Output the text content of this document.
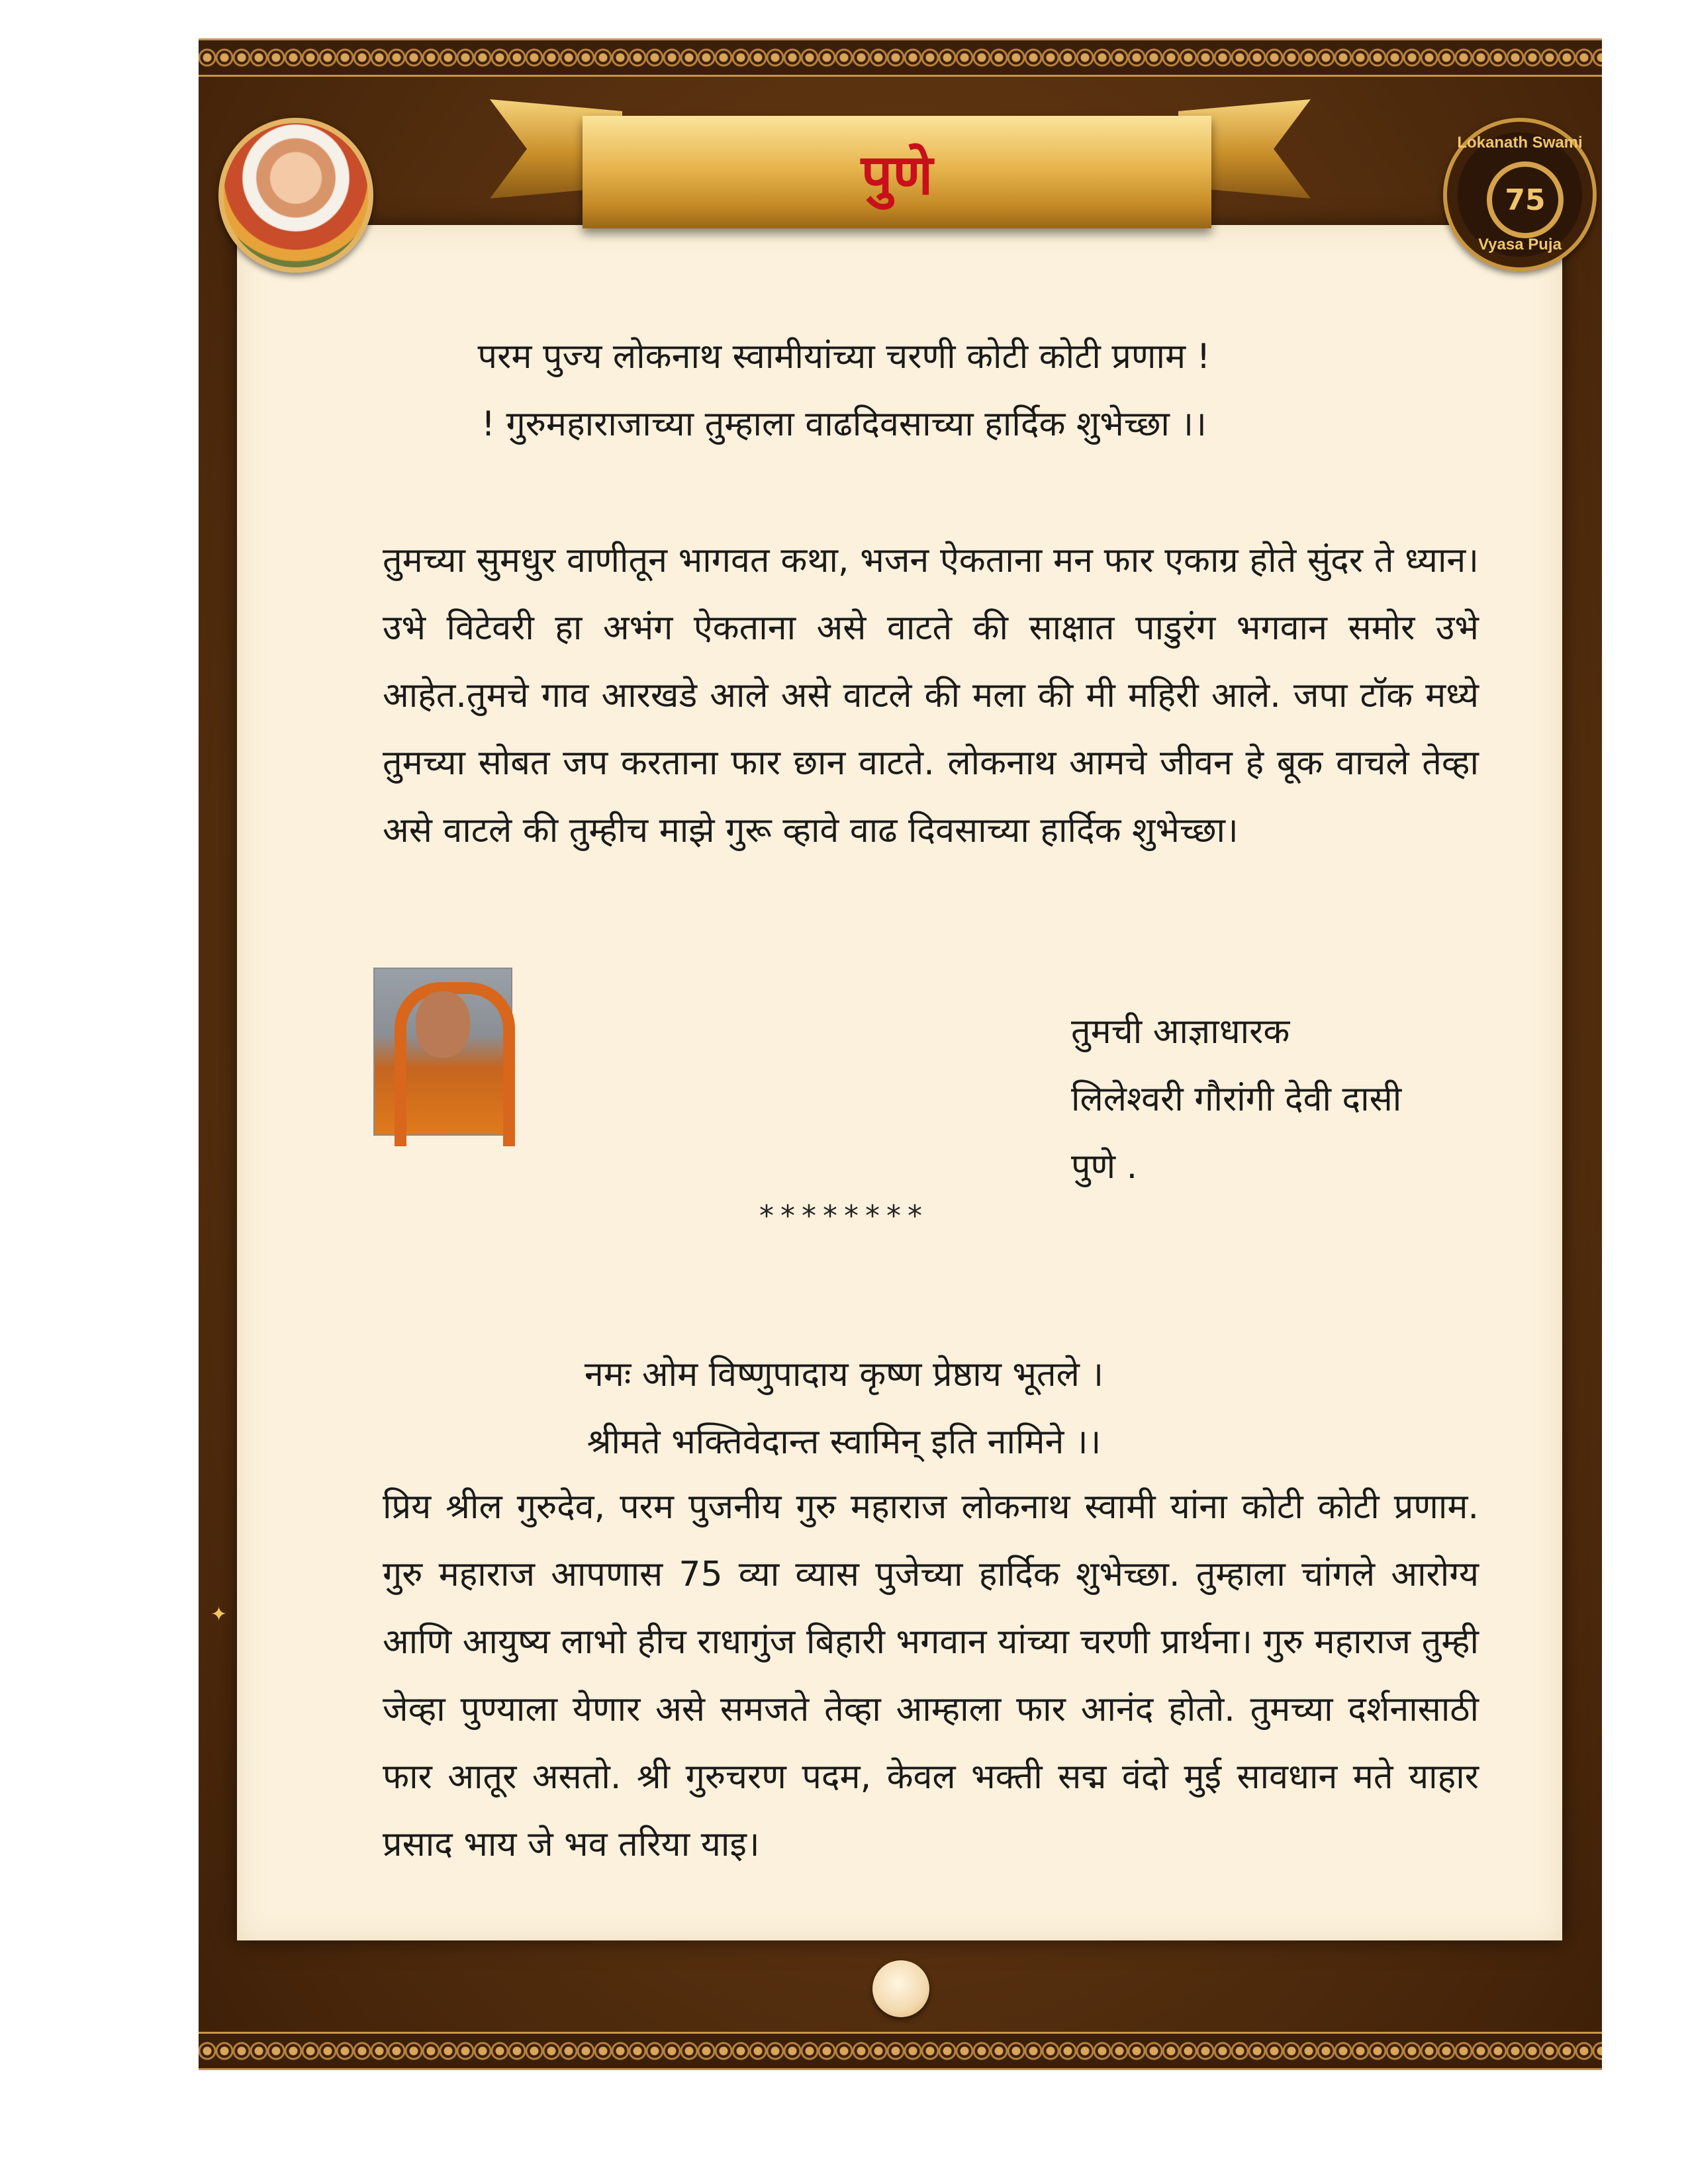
पुणे	Lokanath Swami
75
Vyasa Puja
परम पुज्य लोकनाथ स्वामीयांच्या चरणी कोटी कोटी प्रणाम !
! गुरुमहाराजाच्या तुम्हाला वाढदिवसाच्या हार्दिक शुभेच्छा ।।

तुमच्या सुमधुर वाणीतून भागवत कथा, भजन ऐकताना मन फार एकाग्र होते सुंदर ते ध्यान। उभे विटेवरी हा अभंग ऐकताना असे वाटते की साक्षात पाडुरंग भगवान समोर उभे आहेत.तुमचे गाव आरखडे आले असे वाटले की मला की मी महिरी आले. जपा टॉक मध्ये तुमच्या सोबत जप करताना फार छान वाटते. लोकनाथ आमचे जीवन हे बूक वाचले तेव्हा असे वाटले की तुम्हीच माझे गुरू व्हावे वाढ दिवसाच्या हार्दिक शुभेच्छा।

तुमची आज्ञाधारक
लिलेश्वरी गौरांगी देवी दासी
पुणे .
********
नमः ओम विष्णुपादाय कृष्ण प्रेष्ठाय भूतले ।
श्रीमते भक्तिवेदान्त स्वामिन् इति नामिने ।।

प्रिय श्रील गुरुदेव, परम पुजनीय गुरु महाराज लोकनाथ स्वामी यांना कोटी कोटी प्रणाम. गुरु महाराज आपणास 75 व्या व्यास पुजेच्या हार्दिक शुभेच्छा. तुम्हाला चांगले आरोग्य आणि आयुष्य लाभो हीच राधागुंज बिहारी भगवान यांच्या चरणी प्रार्थना। गुरु महाराज तुम्ही जेव्हा पुण्याला येणार असे समजते तेव्हा आम्हाला फार आनंद होतो. तुमच्या दर्शनासाठी फार आतूर असतो. श्री गुरुचरण पदम, केवल भक्ती सद्म वंदो मुई सावधान मते याहार प्रसाद भाय जे भव तरिया याइ।

✦
